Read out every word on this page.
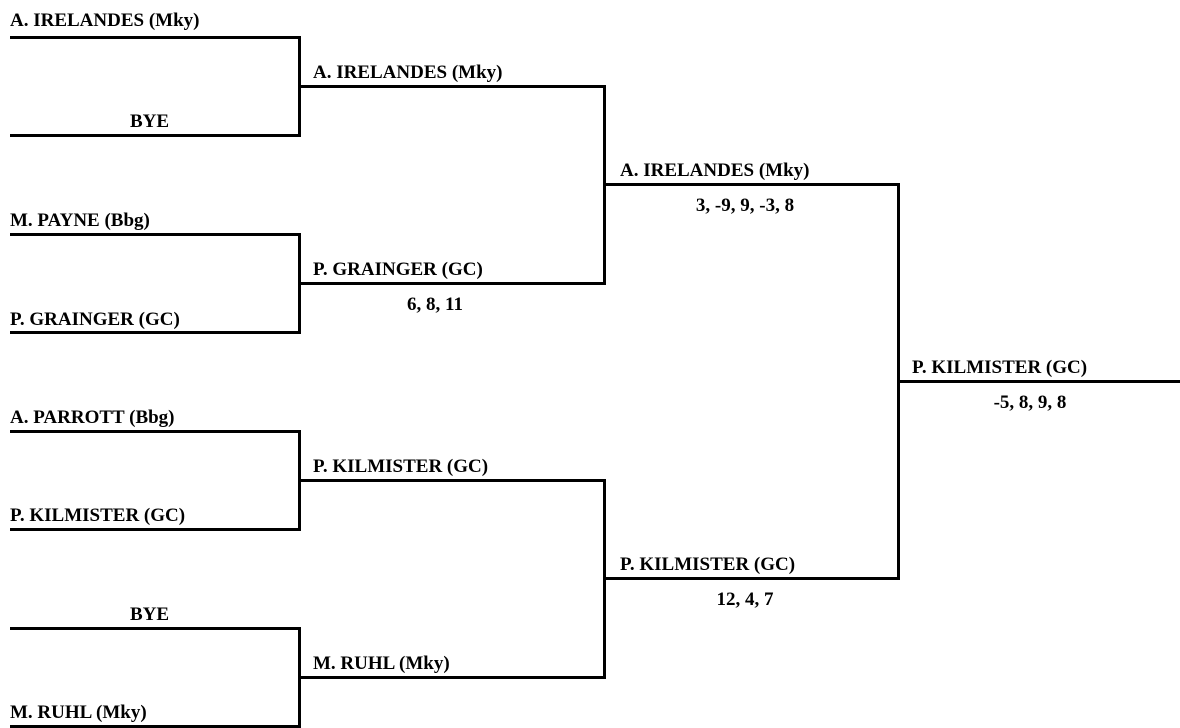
A. IRELANDES (Mky)
BYE
M. PAYNE (Bbg)
P. GRAINGER (GC)
A. PARROTT (Bbg)
P. KILMISTER (GC)
BYE
M. RUHL (Mky)
A. IRELANDES (Mky)
P. GRAINGER (GC)
6, 8, 11
P. KILMISTER (GC)
M. RUHL (Mky)
A. IRELANDES (Mky)
3, -9, 9, -3, 8
P. KILMISTER (GC)
12, 4, 7
P. KILMISTER (GC)
-5, 8, 9, 8
